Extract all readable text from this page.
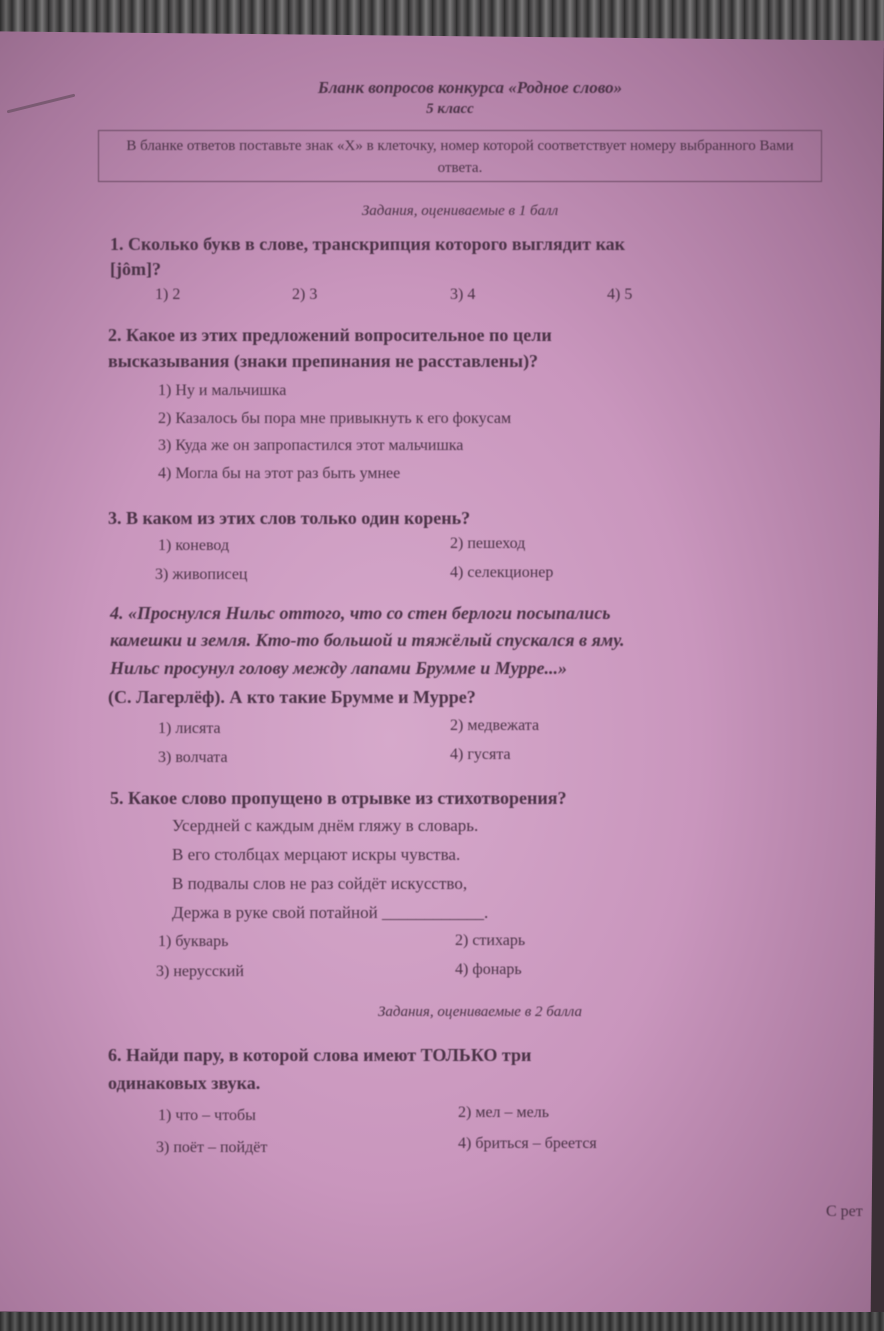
Бланк вопросов конкурса «Родное слово»
5 класс
В бланке ответов поставьте знак «Х» в клеточку, номер которой соответствует номеру выбранного Вами ответа.
Задания, оцениваемые в 1 балл
1. Сколько букв в слове, транскрипция которого выглядит как
[jôm]?
1) 2	2) 3	3) 4	4) 5
2. Какое из этих предложений вопросительное по цели
высказывания (знаки препинания не расставлены)?
1) Ну и мальчишка
2) Казалось бы пора мне привыкнуть к его фокусам
3) Куда же он запропастился этот мальчишка
4) Могла бы на этот раз быть умнее
3. В каком из этих слов только один корень?
1) коневод	2) пешеход
3) живописец	4) селекционер
4. «Проснулся Нильс оттого, что со стен берлоги посыпались
камешки и земля. Кто-то большой и тяжёлый спускался в яму.
Нильс просунул голову между лапами Брумме и Мурре...»
(С. Лагерлёф). А кто такие Брумме и Мурре?
1) лисята	2) медвежата
3) волчата	4) гусята
5. Какое слово пропущено в отрывке из стихотворения?
Усердней с каждым днём гляжу в словарь.
В его столбцах мерцают искры чувства.
В подвалы слов не раз сойдёт искусство,
Держа в руке свой потайной ____________.
1) букварь	2) стихарь
3) нерусский	4) фонарь
Задания, оцениваемые в 2 балла
6. Найди пару, в которой слова имеют ТОЛЬКО три
одинаковых звука.
1) что – чтобы	2) мел – мель
3) поёт – пойдёт	4) бриться – бреется
С рет
